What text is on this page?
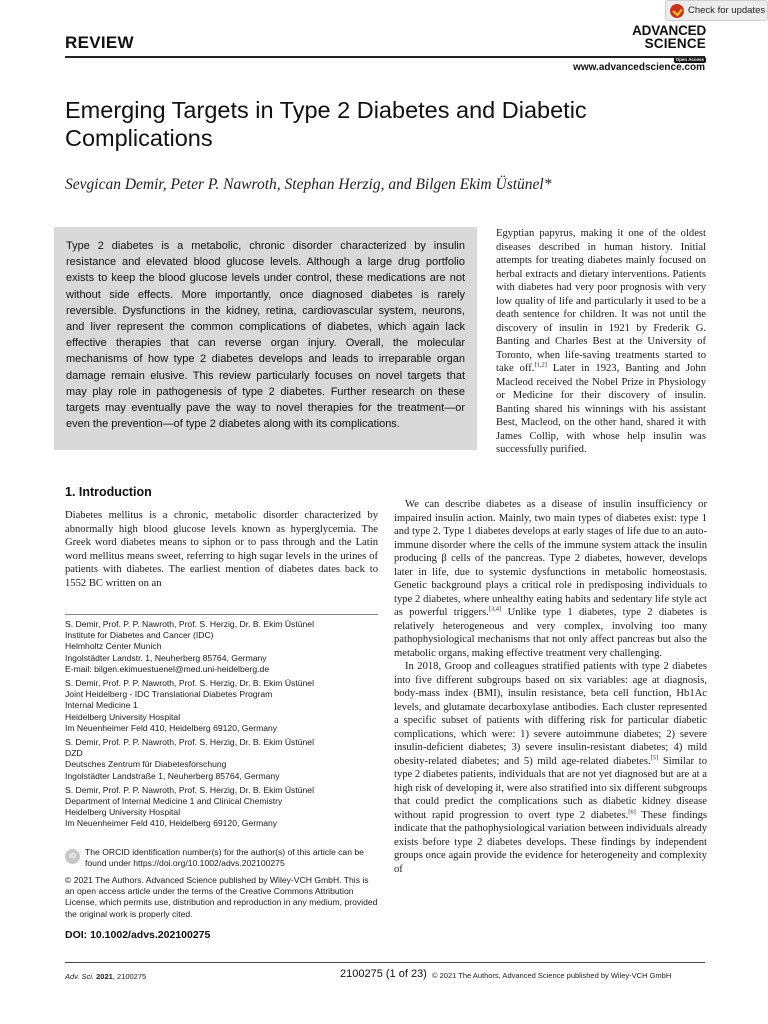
REVIEW
Check for updates
ADVANCED
SCIENCE
Open Access
www.advancedscience.com
Emerging Targets in Type 2 Diabetes and Diabetic Complications
Sevgican Demir, Peter P. Nawroth, Stephan Herzig, and Bilgen Ekim Üstünel*
Type 2 diabetes is a metabolic, chronic disorder characterized by insulin resistance and elevated blood glucose levels. Although a large drug portfolio exists to keep the blood glucose levels under control, these medications are not without side effects. More importantly, once diagnosed diabetes is rarely reversible. Dysfunctions in the kidney, retina, cardiovascular system, neurons, and liver represent the common complications of diabetes, which again lack effective therapies that can reverse organ injury. Overall, the molecular mechanisms of how type 2 diabetes develops and leads to irreparable organ damage remain elusive. This review particularly focuses on novel targets that may play role in pathogenesis of type 2 diabetes. Further research on these targets may eventually pave the way to novel therapies for the treatment—or even the prevention—of type 2 diabetes along with its complications.

Egyptian papyrus, making it one of the oldest diseases described in human history. Initial attempts for treating diabetes mainly focused on herbal extracts and dietary interventions. Patients with diabetes had very poor prognosis with very low quality of life and particularly it used to be a death sentence for children. It was not until the discovery of insulin in 1921 by Frederik G. Banting and Charles Best at the University of Toronto, when life-saving treatments started to take off.[1,2] Later in 1923, Banting and John Macleod received the Nobel Prize in Physiology or Medicine for their discovery of insulin. Banting shared his winnings with his assistant Best, Macleod, on the other hand, shared it with James Collip, with whose help insulin was successfully purified.

1. Introduction

Diabetes mellitus is a chronic, metabolic disorder characterized by abnormally high blood glucose levels known as hyperglycemia. The Greek word diabetes means to siphon or to pass through and the Latin word mellitus means sweet, referring to high sugar levels in the urines of patients with diabetes. The earliest mention of diabetes dates back to 1552 BC written on an

We can describe diabetes as a disease of insulin insufficiency or impaired insulin action. Mainly, two main types of diabetes exist: type 1 and type 2. Type 1 diabetes develops at early stages of life due to an auto-immune disorder where the cells of the immune system attack the insulin producing β cells of the pancreas. Type 2 diabetes, however, develops later in life, due to systemic dysfunctions in metabolic homeostasis. Genetic background plays a critical role in predisposing individuals to type 2 diabetes, where unhealthy eating habits and sedentary life style act as powerful triggers.[3,4] Unlike type 1 diabetes, type 2 diabetes is relatively heterogeneous and very complex, involving too many pathophysiological mechanisms that not only affect pancreas but also the metabolic organs, making effective treatment very challenging.

In 2018, Groop and colleagues stratified patients with type 2 diabetes into five different subgroups based on six variables: age at diagnosis, body-mass index (BMI), insulin resistance, beta cell function, Hb1Ac levels, and glutamate decarboxylase antibodies. Each cluster represented a specific subset of patients with differing risk for particular diabetic complications, which were: 1) severe autoimmune diabetes; 2) severe insulin-deficient diabetes; 3) severe insulin-resistant diabetes; 4) mild obesity-related diabetes; and 5) mild age-related diabetes.[5] Similar to type 2 diabetes patients, individuals that are not yet diagnosed but are at a high risk of developing it, were also stratified into six different subgroups that could predict the complications such as diabetic kidney disease without rapid progression to overt type 2 diabetes.[6] These findings indicate that the pathophysiological variation between individuals already exists before type 2 diabetes develops. These findings by independent groups once again provide the evidence for heterogeneity and complexity of

S. Demir, Prof. P. P. Nawroth, Prof. S. Herzig, Dr. B. Ekim Üstünel
Institute for Diabetes and Cancer (IDC)
Helmholtz Center Munich
Ingolstädter Landstr. 1, Neuherberg 85764, Germany
E-mail: bilgen.ekimuestuenel@med.uni-heidelberg.de
S. Demir, Prof. P. P. Nawroth, Prof. S. Herzig, Dr. B. Ekim Üstünel
Joint Heidelberg - IDC Translational Diabetes Program
Internal Medicine 1
Heidelberg University Hospital
Im Neuenheimer Feld 410, Heidelberg 69120, Germany
S. Demir, Prof. P. P. Nawroth, Prof. S. Herzig, Dr. B. Ekim Üstünel
DZD
Deutsches Zentrum für Diabetesforschung
Ingolstädter Landstraße 1, Neuherberg 85764, Germany
S. Demir, Prof. P. P. Nawroth, Prof. S. Herzig, Dr. B. Ekim Üstünel
Department of Internal Medicine 1 and Clinical Chemistry
Heidelberg University Hospital
Im Neuenheimer Feld 410, Heidelberg 69120, Germany
iD	The ORCID identification number(s) for the author(s) of this article can be found under https://doi.org/10.1002/advs.202100275
© 2021 The Authors. Advanced Science published by Wiley-VCH GmbH. This is an open access article under the terms of the Creative Commons Attribution License, which permits use, distribution and reproduction in any medium, provided the original work is properly cited.
DOI: 10.1002/advs.202100275
Adv. Sci. 2021, 2100275	2100275 (1 of 23) © 2021 The Authors. Advanced Science published by Wiley-VCH GmbH
